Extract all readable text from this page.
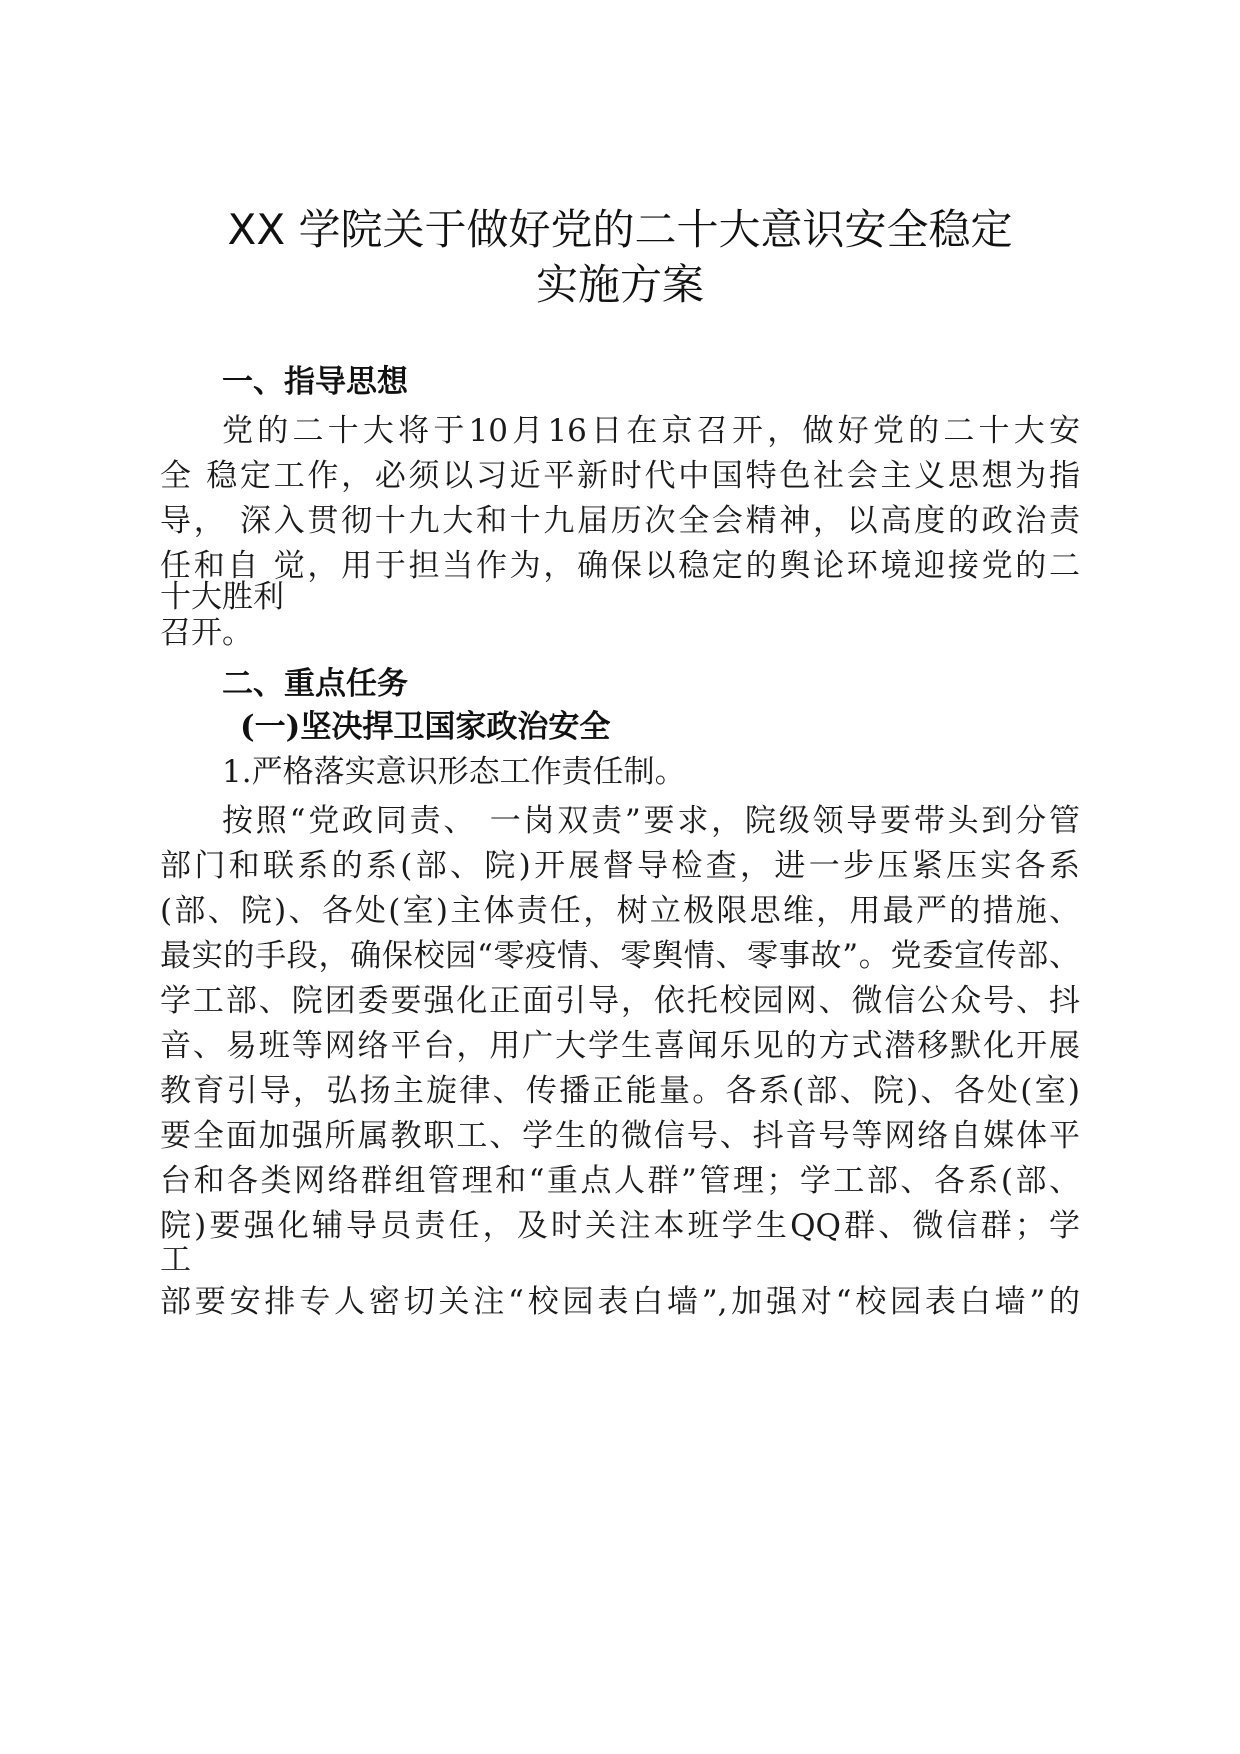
XX 学院关于做好党的二十大意识安全稳定
实施方案
一、指导思想
党的二十大将于10月16日在京召开，做好党的二十大安
全 稳定工作，必须以习近平新时代中国特色社会主义思想为指
导， 深入贯彻十九大和十九届历次全会精神，以高度的政治责
任和自 觉，用于担当作为，确保以稳定的舆论环境迎接党的二
十大胜利
召开。
二、重点任务
(一)坚决捍卫国家政治安全
1.严格落实意识形态工作责任制。
按照“党政同责、 一岗双责”要求，院级领导要带头到分管
部门和联系的系(部、院)开展督导检查，进一步压紧压实各系
(部、院)、各处(室)主体责任，树立极限思维，用最严的措施、
最实的手段，确保校园“零疫情、零舆情、零事故”。党委宣传部、
学工部、院团委要强化正面引导，依托校园网、微信公众号、抖
音、易班等网络平台，用广大学生喜闻乐见的方式潜移默化开展
教育引导，弘扬主旋律、传播正能量。各系(部、院)、各处(室)
要全面加强所属教职工、学生的微信号、抖音号等网络自媒体平
台和各类网络群组管理和“重点人群”管理；学工部、各系(部、
院)要强化辅导员责任，及时关注本班学生QQ群、微信群；学
工
部要安排专人密切关注“校园表白墙”,加强对“校园表白墙”的
